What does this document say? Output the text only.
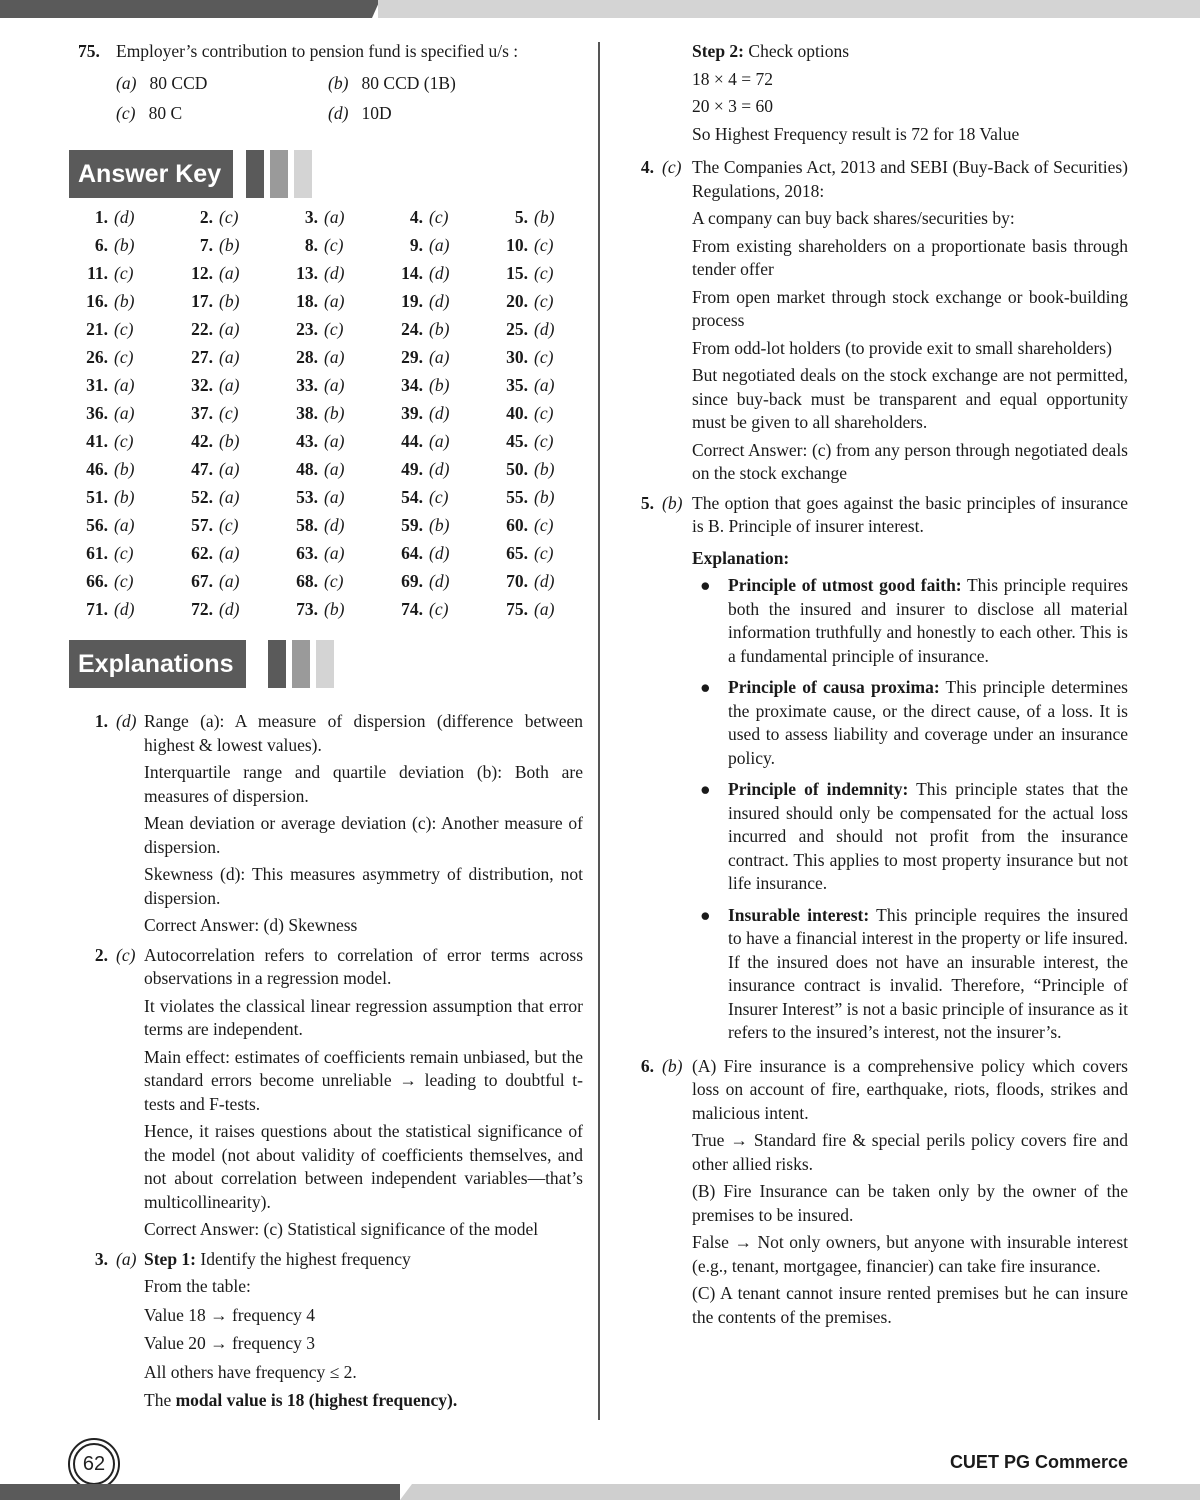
75. Employer’s contribution to pension fund is specified u/s :
(a) 80 CCD	(b) 80 CCD (1B)
(c) 80 C	(d) 10D
Answer Key
1. (d)	2. (c)	3. (a)	4. (c)	5. (b)
6. (b)	7. (b)	8. (c)	9. (a)	10. (c)
11. (c)	12. (a)	13. (d)	14. (d)	15. (c)
16. (b)	17. (b)	18. (a)	19. (d)	20. (c)
21. (c)	22. (a)	23. (c)	24. (b)	25. (d)
26. (c)	27. (a)	28. (a)	29. (a)	30. (c)
31. (a)	32. (a)	33. (a)	34. (b)	35. (a)
36. (a)	37. (c)	38. (b)	39. (d)	40. (c)
41. (c)	42. (b)	43. (a)	44. (a)	45. (c)
46. (b)	47. (a)	48. (a)	49. (d)	50. (b)
51. (b)	52. (a)	53. (a)	54. (c)	55. (b)
56. (a)	57. (c)	58. (d)	59. (b)	60. (c)
61. (c)	62. (a)	63. (a)	64. (d)	65. (c)
66. (c)	67. (a)	68. (c)	69. (d)	70. (d)
71. (d)	72. (d)	73. (b)	74. (c)	75. (a)
Explanations
1. (d) Range (a): A measure of dispersion (difference between highest & lowest values).

Interquartile range and quartile deviation (b): Both are measures of dispersion.

Mean deviation or average deviation (c): Another measure of dispersion.

Skewness (d): This measures asymmetry of distribution, not dispersion.

Correct Answer: (d) Skewness

2. (c) Autocorrelation refers to correlation of error terms across observations in a regression model.

It violates the classical linear regression assumption that error terms are independent.

Main effect: estimates of coefficients remain unbiased, but the standard errors become unreliable → leading to doubtful t-tests and F-tests.

Hence, it raises questions about the statistical significance of the model (not about validity of coefficients themselves, and not about correlation between independent variables—that’s multicollinearity).

Correct Answer: (c) Statistical significance of the model

3. (a) Step 1: Identify the highest frequency

From the table:

Value 18 → frequency 4

Value 20 → frequency 3

All others have frequency ≤ 2.

The modal value is 18 (highest frequency).

Step 2: Check options

18 × 4 = 72

20 × 3 = 60

So Highest Frequency result is 72 for 18 Value

4. (c) The Companies Act, 2013 and SEBI (Buy-Back of Securities) Regulations, 2018:

A company can buy back shares/securities by:

From existing shareholders on a proportionate basis through tender offer

From open market through stock exchange or book-building process

From odd-lot holders (to provide exit to small shareholders)

But negotiated deals on the stock exchange are not permitted, since buy-back must be transparent and equal opportunity must be given to all shareholders.

Correct Answer: (c) from any person through negotiated deals on the stock exchange

5. (b) The option that goes against the basic principles of insurance is B. Principle of insurer interest.

Explanation:

● Principle of utmost good faith: This principle requires both the insured and insurer to disclose all material information truthfully and honestly to each other. This is a fundamental principle of insurance.
● Principle of causa proxima: This principle determines the proximate cause, or the direct cause, of a loss. It is used to assess liability and coverage under an insurance policy.
● Principle of indemnity: This principle states that the insured should only be compensated for the actual loss incurred and should not profit from the insurance contract. This applies to most property insurance but not life insurance.
● Insurable interest: This principle requires the insured to have a financial interest in the property or life insured. If the insured does not have an insurable interest, the insurance contract is invalid. Therefore, “Principle of Insurer Interest” is not a basic principle of insurance as it refers to the insured’s interest, not the insurer’s.
6. (b) (A) Fire insurance is a comprehensive policy which covers loss on account of fire, earthquake, riots, floods, strikes and malicious intent.

True → Standard fire & special perils policy covers fire and other allied risks.

(B) Fire Insurance can be taken only by the owner of the premises to be insured.

False → Not only owners, but anyone with insurable interest (e.g., tenant, mortgagee, financier) can take fire insurance.

(C) A tenant cannot insure rented premises but he can insure the contents of the premises.

62	CUET PG Commerce
